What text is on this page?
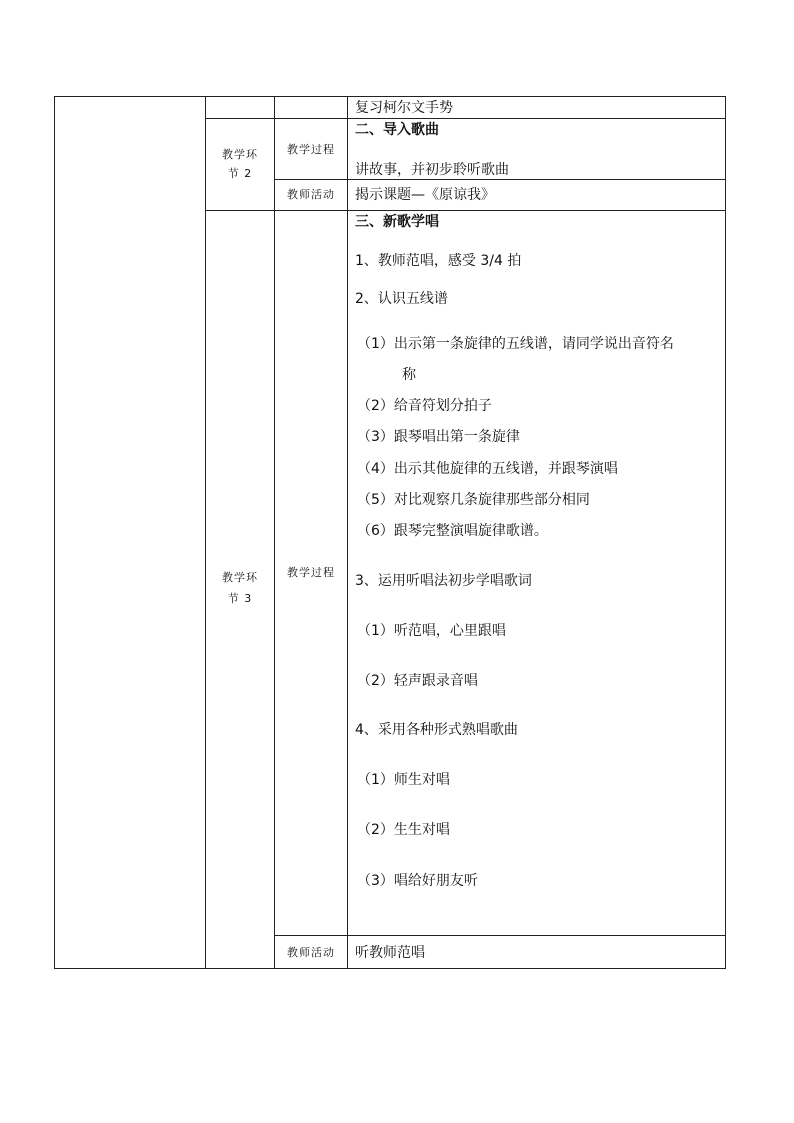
复习柯尔文手势
教学环
节 2
教学过程
二、导入歌曲
讲故事，并初步聆听歌曲
教师活动	揭示课题—《原谅我》
教学环
节 3
教学过程
三、新歌学唱
1、教师范唱，感受 3/4 拍
2、认识五线谱
（1）出示第一条旋律的五线谱，请同学说出音符名
称
（2）给音符划分拍子
（3）跟琴唱出第一条旋律
（4）出示其他旋律的五线谱，并跟琴演唱
（5）对比观察几条旋律那些部分相同
（6）跟琴完整演唱旋律歌谱。
3、运用听唱法初步学唱歌词
（1）听范唱，心里跟唱
（2）轻声跟录音唱
4、采用各种形式熟唱歌曲
（1）师生对唱
（2）生生对唱
（3）唱给好朋友听
教师活动	听教师范唱
